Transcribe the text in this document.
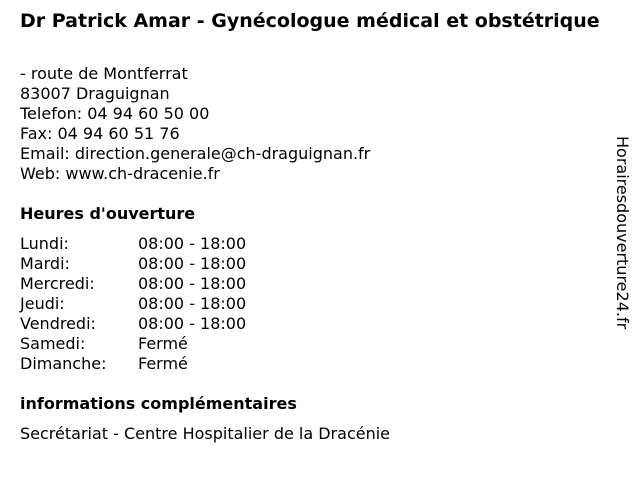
Dr Patrick Amar - Gynécologue médical et obstétrique
- route de Montferrat
83007 Draguignan
Telefon: 04 94 60 50 00
Fax: 04 94 60 51 76
Email: direction.generale@ch-draguignan.fr
Web: www.ch-dracenie.fr
Heures d'ouverture
Lundi:	08:00 - 18:00
Mardi:	08:00 - 18:00
Mercredi:	08:00 - 18:00
Jeudi:	08:00 - 18:00
Vendredi:	08:00 - 18:00
Samedi:	Fermé
Dimanche:	Fermé
informations complémentaires
Secrétariat - Centre Hospitalier de la Dracénie
Horairesdouverture24.fr
